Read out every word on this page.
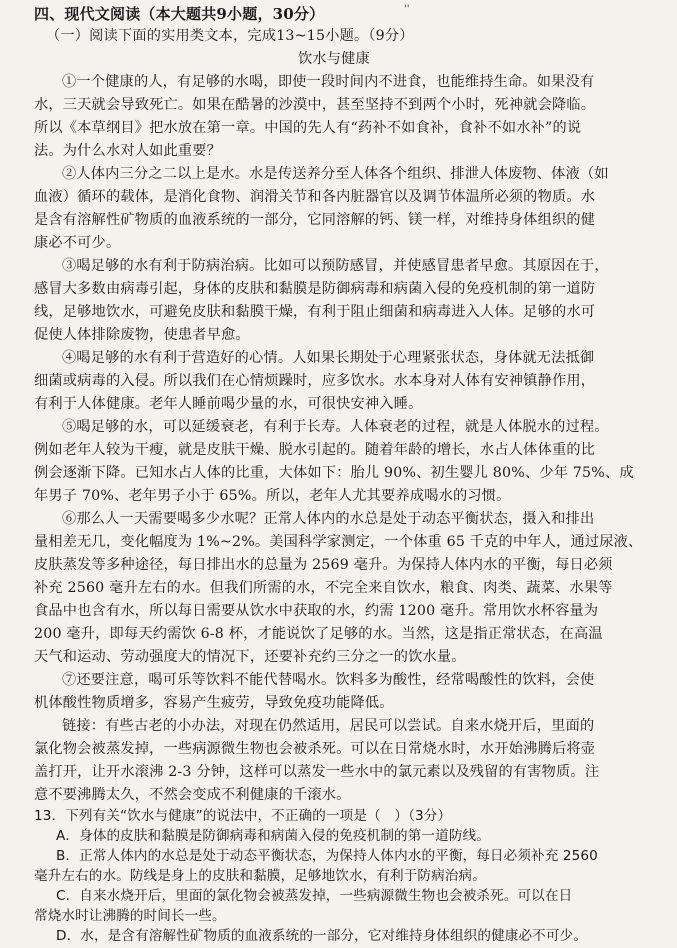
''
四、现代文阅读（本大题共9小题，30分）
（一）阅读下面的实用类文本，完成13~15小题。（9分）
饮水与健康
①一个健康的人，有足够的水喝，即使一段时间内不进食，也能维持生命。如果没有
水，三天就会导致死亡。如果在酷暑的沙漠中，甚至坚持不到两个小时，死神就会降临。
所以《本草纲目》把水放在第一章。中国的先人有“药补不如食补，食补不如水补”的说
法。为什么水对人如此重要？
②人体内三分之二以上是水。水是传送养分至人体各个组织、排泄人体废物、体液（如
血液）循环的载体，是消化食物、润滑关节和各内脏器官以及调节体温所必须的物质。水
是含有溶解性矿物质的血液系统的一部分，它同溶解的钙、镁一样，对维持身体组织的健
康必不可少。
③喝足够的水有利于防病治病。比如可以预防感冒，并使感冒患者早愈。其原因在于，
感冒大多数由病毒引起，身体的皮肤和黏膜是防御病毒和病菌入侵的免疫机制的第一道防
线，足够地饮水，可避免皮肤和黏膜干燥，有利于阻止细菌和病毒进入人体。足够的水可
促使人体排除废物，使患者早愈。
④喝足够的水有利于营造好的心情。人如果长期处于心理紧张状态，身体就无法抵御
细菌或病毒的入侵。所以我们在心情烦躁时，应多饮水。水本身对人体有安神镇静作用，
有利于人体健康。老年人睡前喝少量的水，可很快安神入睡。
⑤喝足够的水，可以延缓衰老，有利于长寿。人体衰老的过程，就是人体脱水的过程。
例如老年人较为干瘦，就是皮肤干燥、脱水引起的。随着年龄的增长，水占人体体重的比
例会逐渐下降。已知水占人体的比重，大体如下：胎儿 90%、初生婴儿 80%、少年 75%、成
年男子 70%、老年男子小于 65%。所以，老年人尤其要养成喝水的习惯。
⑥那么人一天需要喝多少水呢？正常人体内的水总是处于动态平衡状态，摄入和排出
量相差无几，变化幅度为 1%~2%。美国科学家测定，一个体重 65 千克的中年人，通过尿液、
皮肤蒸发等多种途径，每日排出水的总量为 2569 毫升。为保持人体内水的平衡，每日必须
补充 2560 毫升左右的水。但我们所需的水，不完全来自饮水，粮食、肉类、蔬菜、水果等
食品中也含有水，所以每日需要从饮水中获取的水，约需 1200 毫升。常用饮水杯容量为
200 毫升，即每天约需饮 6-8 杯，才能说饮了足够的水。当然，这是指正常状态，在高温
天气和运动、劳动强度大的情况下，还要补充约三分之一的饮水量。
⑦还要注意，喝可乐等饮料不能代替喝水。饮料多为酸性，经常喝酸性的饮料，会使
机体酸性物质增多，容易产生疲劳，导致免疫功能降低。
链接：有些古老的小办法，对现在仍然适用，居民可以尝试。自来水烧开后，里面的
氯化物会被蒸发掉，一些病源微生物也会被杀死。可以在日常烧水时，水开始沸腾后将壶
盖打开，让开水滚沸 2-3 分钟，这样可以蒸发一些水中的氯元素以及残留的有害物质。注
意不要沸腾太久，不然会变成不利健康的千滚水。
13．下列有关“饮水与健康”的说法中，不正确的一项是（　）（3分）
A．身体的皮肤和黏膜是防御病毒和病菌入侵的免疫机制的第一道防线。
B．正常人体内的水总是处于动态平衡状态，为保持人体内水的平衡，每日必须补充 2560
毫升左右的水。防线是身上的皮肤和黏膜，足够地饮水，有利于防病治病。
C．自来水烧开后，里面的氯化物会被蒸发掉，一些病源微生物也会被杀死。可以在日
常烧水时让沸腾的时间长一些。
D．水，是含有溶解性矿物质的血液系统的一部分，它对维持身体组织的健康必不可少。
